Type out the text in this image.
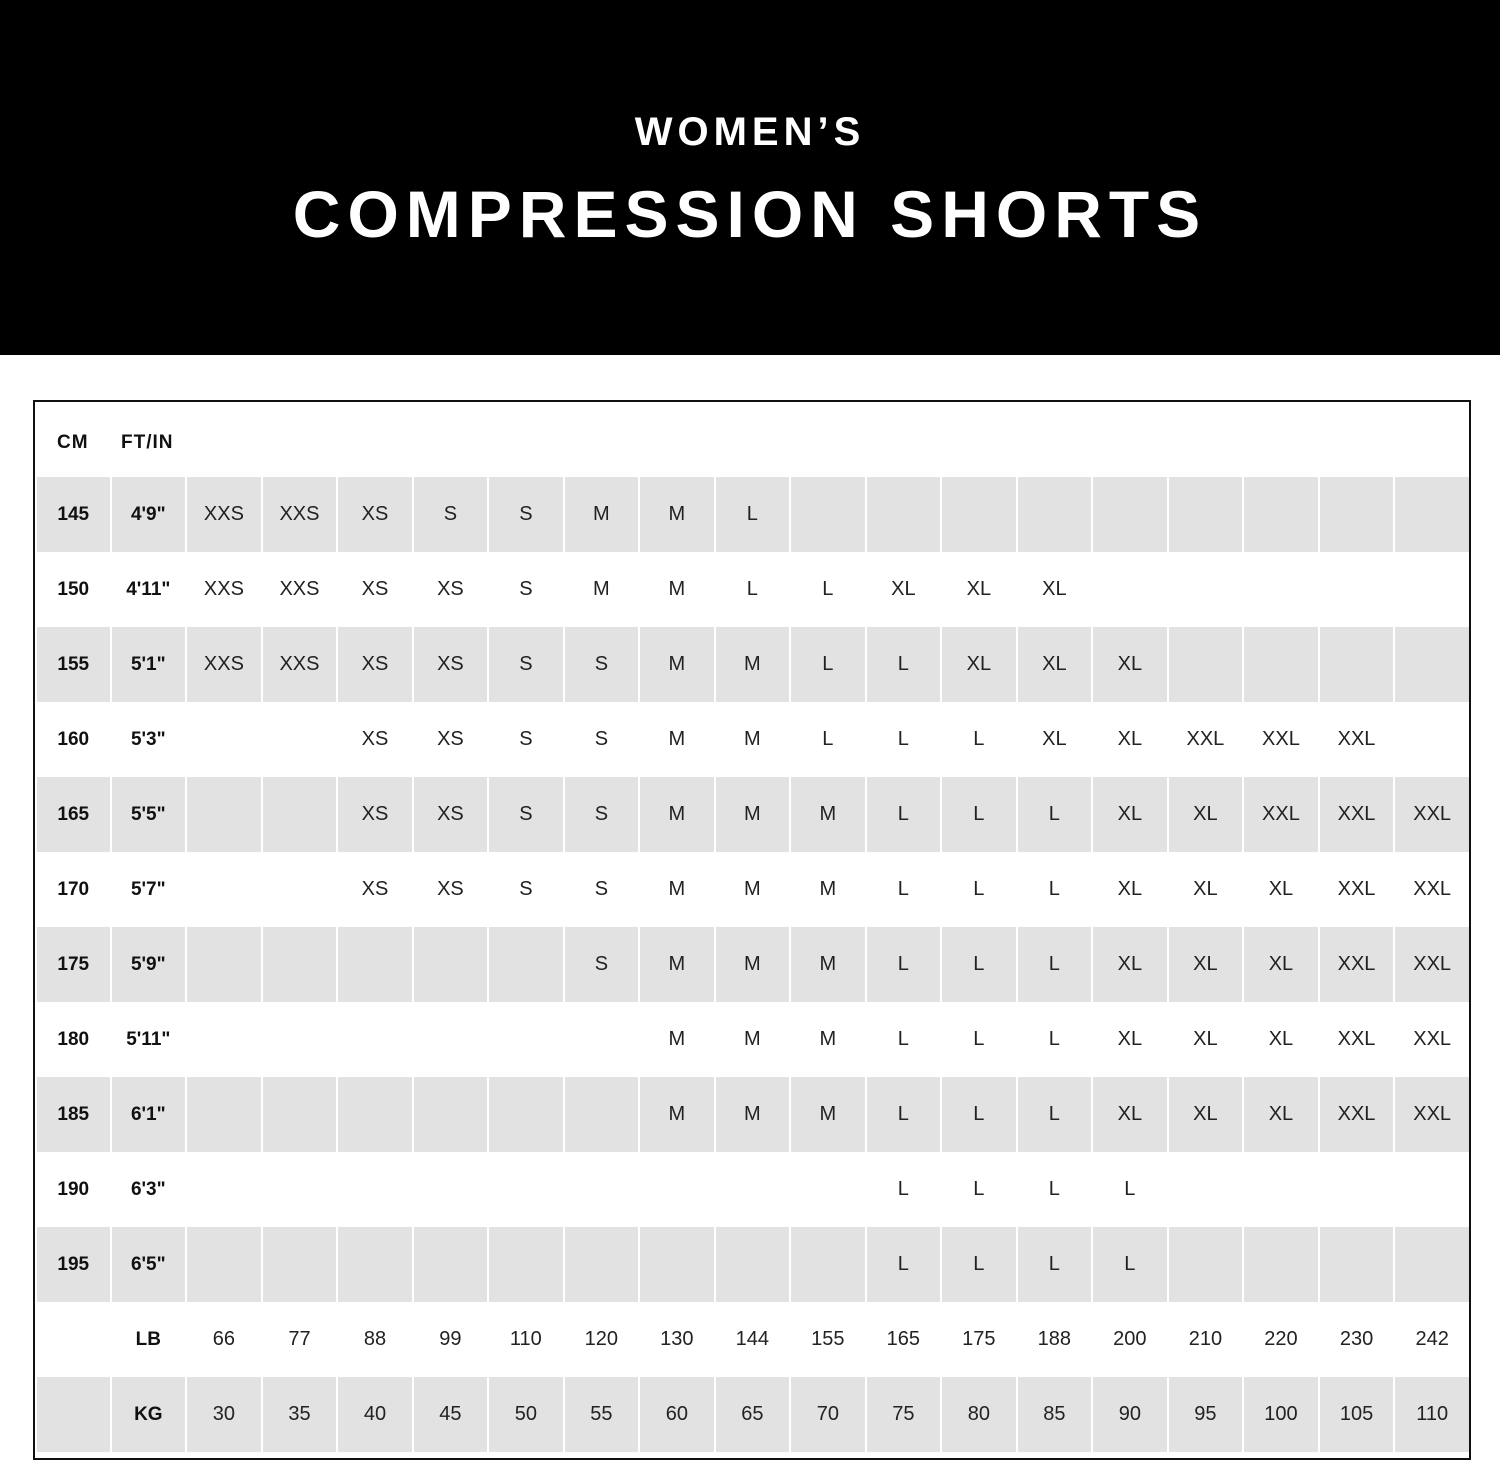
WOMEN’S
COMPRESSION SHORTS
CM FT/IN
145	4'9"	XXS	XXS	XS	S	S	M	M	L									
150	4'11"	XXS	XXS	XS	XS	S	M	M	L	L	XL	XL	XL					
155	5'1"	XXS	XXS	XS	XS	S	S	M	M	L	L	XL	XL	XL				
160	5'3"			XS	XS	S	S	M	M	L	L	L	XL	XL	XXL	XXL	XXL	
165	5'5"			XS	XS	S	S	M	M	M	L	L	L	XL	XL	XXL	XXL	XXL
170	5'7"			XS	XS	S	S	M	M	M	L	L	L	XL	XL	XL	XXL	XXL
175	5'9"						S	M	M	M	L	L	L	XL	XL	XL	XXL	XXL
180	5'11"							M	M	M	L	L	L	XL	XL	XL	XXL	XXL
185	6'1"							M	M	M	L	L	L	XL	XL	XL	XXL	XXL
190	6'3"										L	L	L	L				
195	6'5"										L	L	L	L				
	LB	66	77	88	99	110	120	130	144	155	165	175	188	200	210	220	230	242
	KG	30	35	40	45	50	55	60	65	70	75	80	85	90	95	100	105	110
